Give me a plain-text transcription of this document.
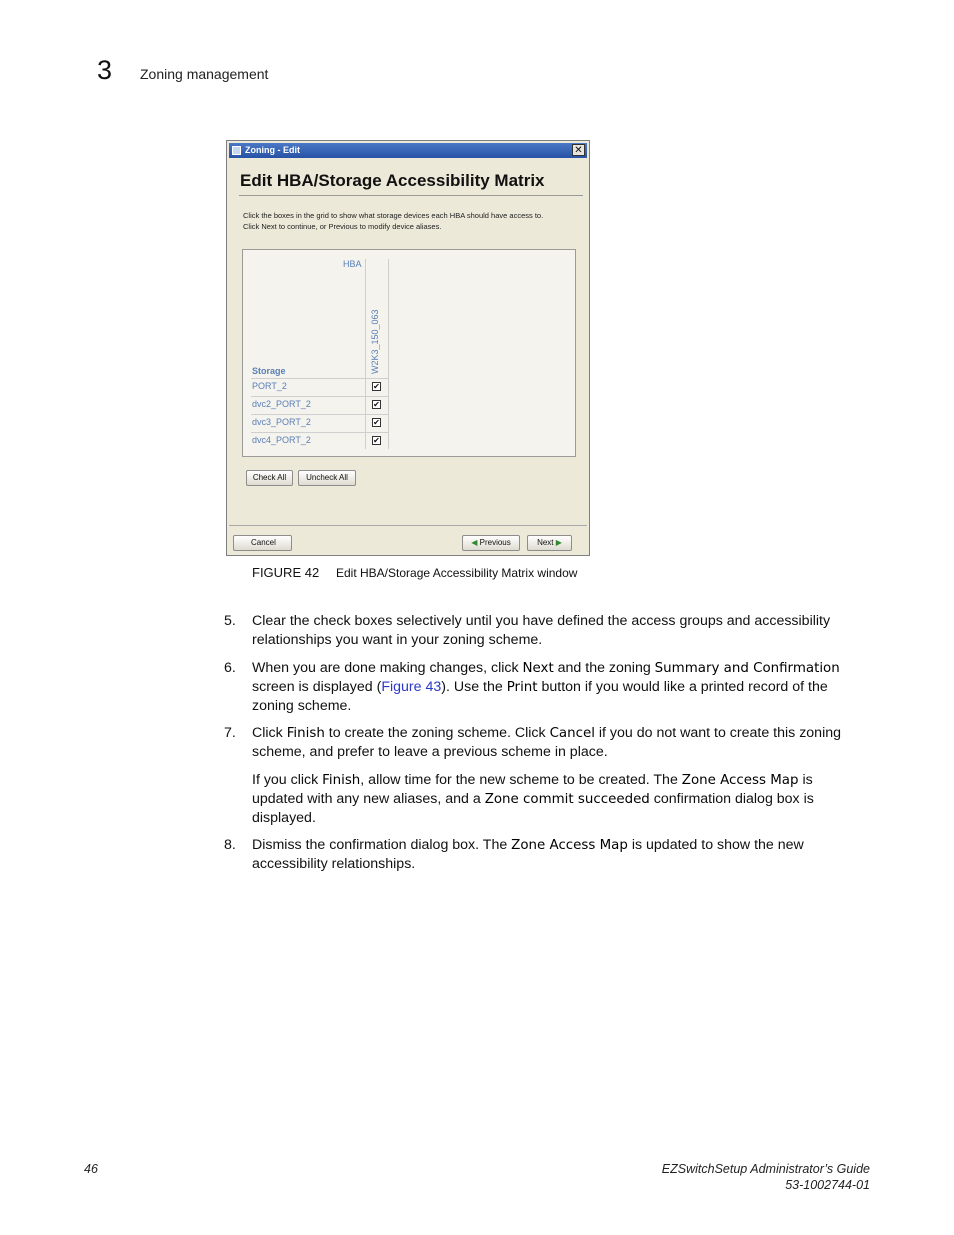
3 Zoning management
Zoning - Edit	✕
Edit HBA/Storage Accessibility Matrix
Click the boxes in the grid to show what storage devices each HBA should have access to.
Click Next to continue, or Previous to modify device aliases.
HBA
W2K3_150_063
Storage
PORT_2	✔
dvc2_PORT_2	✔
dvc3_PORT_2	✔
dvc4_PORT_2	✔
Check All	Uncheck All
Cancel	◀ Previous	Next ▶
FIGURE 42 Edit HBA/Storage Accessibility Matrix window
5. Clear the check boxes selectively until you have defined the access groups and accessibility relationships you want in your zoning scheme.
6. When you are done making changes, click Next and the zoning Summary and Confirmation screen is displayed (Figure 43). Use the Print button if you would like a printed record of the zoning scheme.
7. Click Finish to create the zoning scheme. Click Cancel if you do not want to create this zoning scheme, and prefer to leave a previous scheme in place.
If you click Finish, allow time for the new scheme to be created. The Zone Access Map is updated with any new aliases, and a Zone commit succeeded confirmation dialog box is displayed.
8. Dismiss the confirmation dialog box. The Zone Access Map is updated to show the new accessibility relationships.
46	EZSwitchSetup Administrator’s Guide
53-1002744-01
